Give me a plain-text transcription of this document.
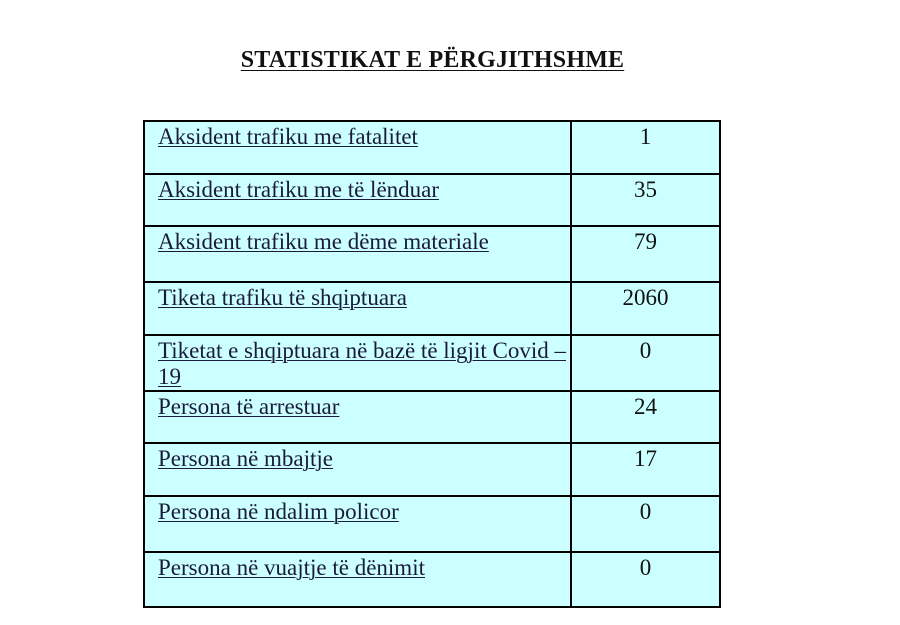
STATISTIKAT E PËRGJITHSHME
Aksident trafiku me fatalitet	1
Aksident trafiku me të lënduar	35
Aksident trafiku me dëme materiale	79
Tiketa trafiku të shqiptuara	2060
Tiketat e shqiptuara në bazë të ligjit Covid – 19	0
Persona të arrestuar	24
Persona në mbajtje	17
Persona në ndalim policor	0
Persona në vuajtje të dënimit	0
